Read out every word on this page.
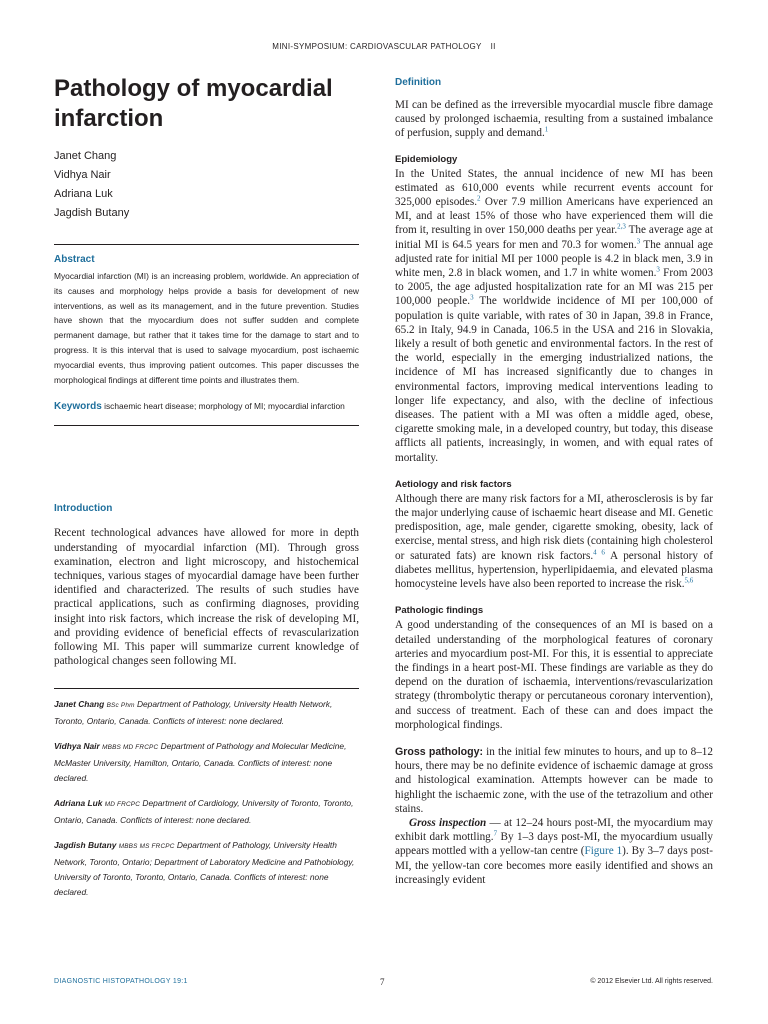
MINI-SYMPOSIUM: CARDIOVASCULAR PATHOLOGY II
Pathology of myocardial
infarction
Janet Chang
Vidhya Nair
Adriana Luk
Jagdish Butany

Abstract

Myocardial infarction (MI) is an increasing problem, worldwide. An appreciation of its causes and morphology helps provide a basis for development of new interventions, as well as its management, and in the future prevention. Studies have shown that the myocardium does not suffer sudden and complete permanent damage, but rather that it takes time for the damage to start and to progress. It is this interval that is used to salvage myocardium, post ischaemic myocardial events, thus improving patient outcomes. This paper discusses the morphological findings at different time points and illustrates them.

Keywords ischaemic heart disease; morphology of MI; myocardial infarction

Introduction

Recent technological advances have allowed for more in depth understanding of myocardial infarction (MI). Through gross examination, electron and light microscopy, and histochemical techniques, various stages of myocardial damage have been further identified and characterized. The results of such studies have practical applications, such as confirming diagnoses, providing insight into risk factors, which increase the risk of developing MI, and providing evidence of beneficial effects of revascularization following MI. This paper will summarize current knowledge of pathological changes seen following MI.

Janet Chang BSc Phm Department of Pathology, University Health Network, Toronto, Ontario, Canada. Conflicts of interest: none declared.

Vidhya Nair MBBS MD FRCPC Department of Pathology and Molecular Medicine, McMaster University, Hamilton, Ontario, Canada. Conflicts of interest: none declared.

Adriana Luk MD FRCPC Department of Cardiology, University of Toronto, Toronto, Ontario, Canada. Conflicts of interest: none declared.

Jagdish Butany MBBS MS FRCPC Department of Pathology, University Health Network, Toronto, Ontario; Department of Laboratory Medicine and Pathobiology, University of Toronto, Toronto, Ontario, Canada. Conflicts of interest: none declared.

Definition

MI can be defined as the irreversible myocardial muscle fibre damage caused by prolonged ischaemia, resulting from a sustained imbalance of perfusion, supply and demand.$^1$

Epidemiology

In the United States, the annual incidence of new MI has been estimated as 610,000 events while recurrent events account for 325,000 episodes.$^2$ Over 7.9 million Americans have experienced an MI, and at least 15% of those who have experienced them will die from it, resulting in over 150,000 deaths per year.$^{2,3}$ The average age at initial MI is 64.5 years for men and 70.3 for women.$^3$ The annual age adjusted rate for initial MI per 1000 people is 4.2 in black men, 3.9 in white men, 2.8 in black women, and 1.7 in white women.$^3$ From 2003 to 2005, the age adjusted hospitalization rate for an MI was 215 per 100,000 people.$^3$ The worldwide incidence of MI per 100,000 of population is quite variable, with rates of 30 in Japan, 39.8 in France, 65.2 in Italy, 94.9 in Canada, 106.5 in the USA and 216 in Slovakia, likely a result of both genetic and environmental factors. In the rest of the world, especially in the emerging industrialized nations, the incidence of MI has increased significantly due to changes in environmental factors, improving medical interventions leading to longer life expectancy, and also, with the decline of infectious diseases. The patient with a MI was often a middle aged, obese, cigarette smoking male, in a developed country, but today, this disease afflicts all patients, increasingly, in women, and with equal rates of mortality.

Aetiology and risk factors

Although there are many risk factors for a MI, atherosclerosis is by far the major underlying cause of ischaemic heart disease and MI. Genetic predisposition, age, male gender, cigarette smoking, obesity, lack of exercise, mental stress, and high risk diets (containing high cholesterol or saturated fats) are known risk factors.$^{4 6}$ A personal history of diabetes mellitus, hypertension, hyperlipidaemia, and elevated plasma homocysteine levels have also been reported to increase the risk.$^{5,6}$

Pathologic findings

A good understanding of the consequences of an MI is based on a detailed understanding of the morphological features of coronary arteries and myocardium post-MI. For this, it is essential to appreciate the findings in a heart post-MI. These findings are variable as they do depend on the duration of ischaemia, interventions/revascularization strategy (thrombolytic therapy or percutaneous coronary intervention), and success of treatment. Each of these can and does impact the morphological findings.

Gross pathology: in the initial few minutes to hours, and up to 8–12 hours, there may be no definite evidence of ischaemic damage at gross and histological examination. Attempts however can be made to highlight the ischaemic zone, with the use of the tetrazolium and other stains.

Gross inspection — at 12–24 hours post-MI, the myocardium may exhibit dark mottling.$^7$ By 1–3 days post-MI, the myocardium usually appears mottled with a yellow-tan centre (Figure 1). By 3–7 days post-MI, the yellow-tan core becomes more easily identified and shows an increasingly evident

DIAGNOSTIC HISTOPATHOLOGY 19:1	7	© 2012 Elsevier Ltd. All rights reserved.
